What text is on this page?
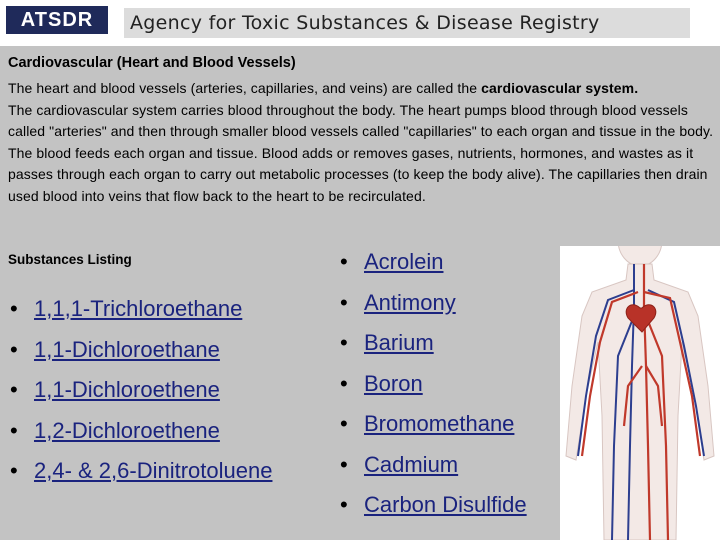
ATSDR	Agency for Toxic Substances & Disease Registry
Cardiovascular (Heart and Blood Vessels)
The heart and blood vessels (arteries, capillaries, and veins) are called the cardiovascular system.
The cardiovascular system carries blood throughout the body. The heart pumps blood through blood vessels called "arteries" and then through smaller blood vessels called "capillaries" to each organ and tissue in the body.
The blood feeds each organ and tissue. Blood adds or removes gases, nutrients, hormones, and wastes as it passes through each organ to carry out metabolic processes (to keep the body alive). The capillaries then drain used blood into veins that flow back to the heart to be recirculated.
Substances Listing
• 1,1,1-Trichloroethane
• 1,1-Dichloroethane
• 1,1-Dichloroethene
• 1,2-Dichloroethene
• 2,4- & 2,6-Dinitrotoluene
• Acrolein
• Antimony
• Barium
• Boron
• Bromomethane
• Cadmium
• Carbon Disulfide
